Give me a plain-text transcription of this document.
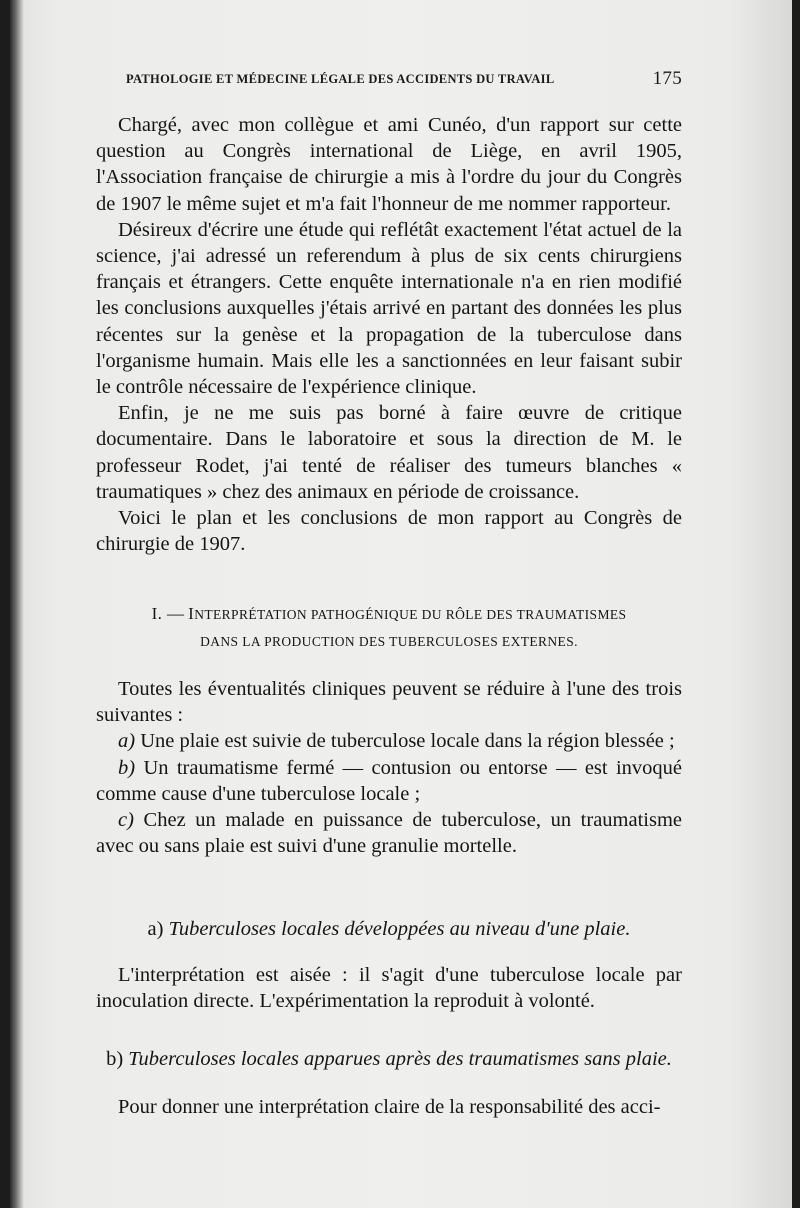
PATHOLOGIE ET MÉDECINE LÉGALE DES ACCIDENTS DU TRAVAIL	175

Chargé, avec mon collègue et ami Cunéo, d'un rapport sur cette question au Congrès international de Liège, en avril 1905, l'Association française de chirurgie a mis à l'ordre du jour du Congrès de 1907 le même sujet et m'a fait l'honneur de me nommer rapporteur.

Désireux d'écrire une étude qui reflétât exactement l'état actuel de la science, j'ai adressé un referendum à plus de six cents chirurgiens français et étrangers. Cette enquête internationale n'a en rien modifié les conclusions auxquelles j'étais arrivé en partant des données les plus récentes sur la genèse et la propagation de la tuberculose dans l'organisme humain. Mais elle les a sanctionnées en leur faisant subir le contrôle nécessaire de l'expérience clinique.

Enfin, je ne me suis pas borné à faire œuvre de critique documentaire. Dans le laboratoire et sous la direction de M. le professeur Rodet, j'ai tenté de réaliser des tumeurs blanches « traumatiques » chez des animaux en période de croissance.

Voici le plan et les conclusions de mon rapport au Congrès de chirurgie de 1907.

I. — INTERPRÉTATION PATHOGÉNIQUE DU RÔLE DES TRAUMATISMES
DANS LA PRODUCTION DES TUBERCULOSES EXTERNES.

Toutes les éventualités cliniques peuvent se réduire à l'une des trois suivantes :

a) Une plaie est suivie de tuberculose locale dans la région blessée ;

b) Un traumatisme fermé — contusion ou entorse — est invoqué comme cause d'une tuberculose locale ;

c) Chez un malade en puissance de tuberculose, un traumatisme avec ou sans plaie est suivi d'une granulie mortelle.

a) Tuberculoses locales développées au niveau d'une plaie.

L'interprétation est aisée : il s'agit d'une tuberculose locale par inoculation directe. L'expérimentation la reproduit à volonté.

b) Tuberculoses locales apparues après des traumatismes sans plaie.

Pour donner une interprétation claire de la responsabilité des acci-
